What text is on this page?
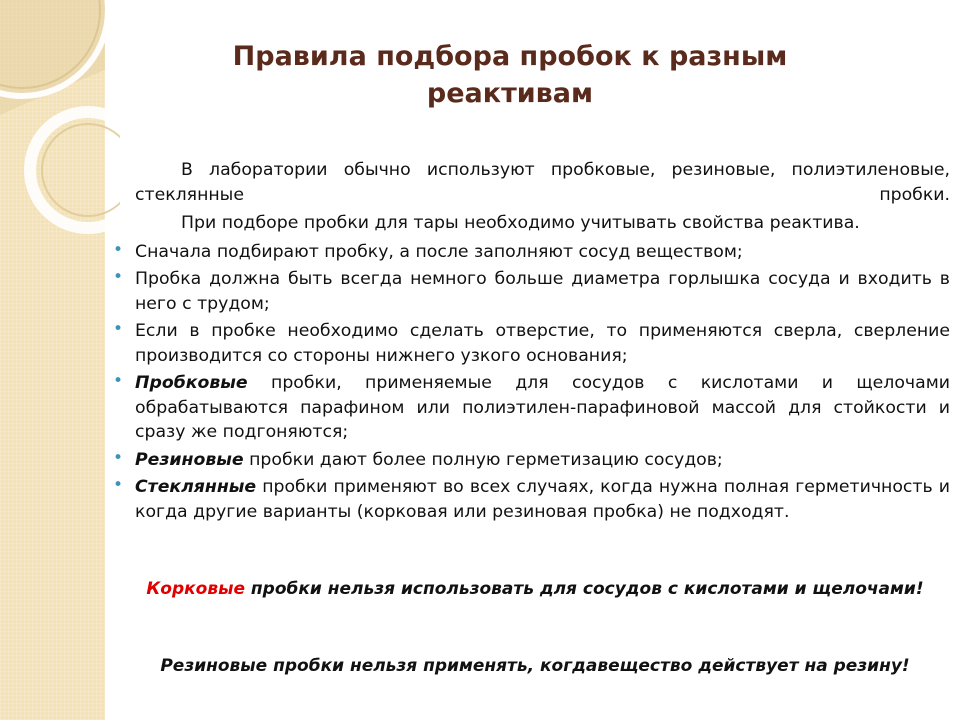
Правила подбора пробок к разным реактивам

В лаборатории обычно используют пробковые, резиновые, полиэтиленовые, стеклянные пробки.

При подборе пробки для тары необходимо учитывать свойства реактива.

• Сначала подбирают пробку, а после заполняют сосуд веществом;
• Пробка должна быть всегда немного больше диаметра горлышка сосуда и входить в него с трудом;
• Если в пробке необходимо сделать отверстие, то применяются сверла, сверление производится со стороны нижнего узкого основания;
• Пробковые пробки, применяемые для сосудов с кислотами и щелочами обрабатываются парафином или полиэтилен-парафиновой массой для стойкости и сразу же подгоняются;
• Резиновые пробки дают более полную герметизацию сосудов;
• Стеклянные пробки применяют во всех случаях, когда нужна полная герметичность и когда другие варианты (корковая или резиновая пробка) не подходят.

Корковые пробки нельзя использовать для сосудов с кислотами и щелочами!

Резиновые пробки нельзя применять, когдавещество действует на резину!
